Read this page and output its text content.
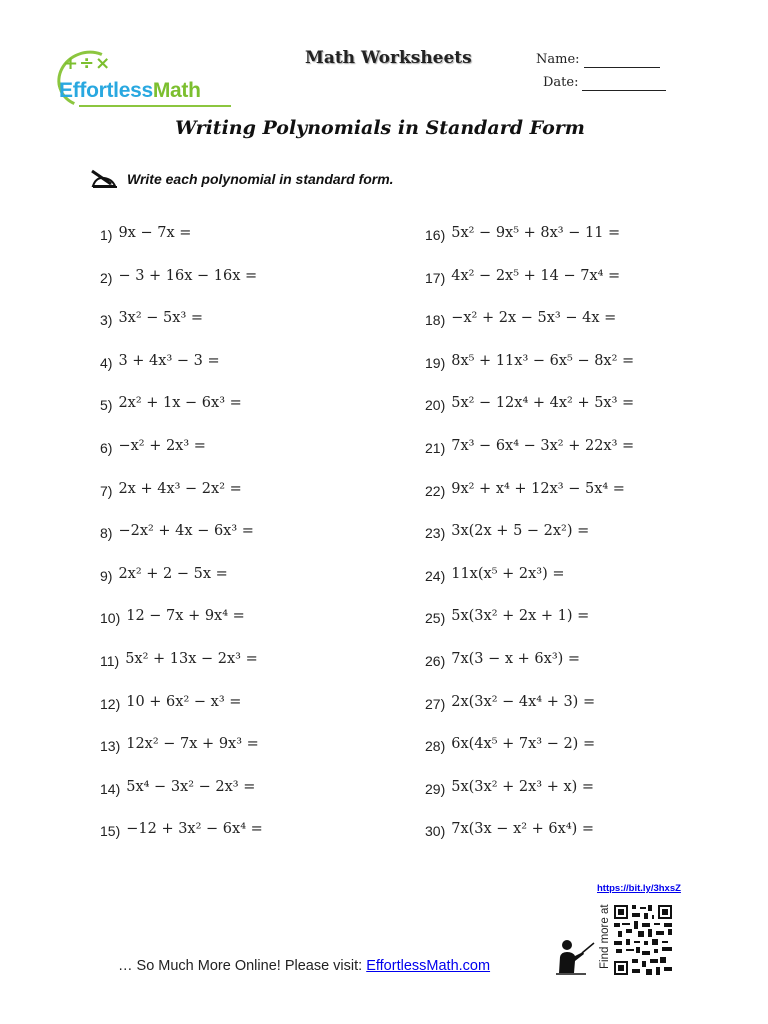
+÷×
EffortlessMath
Math Worksheets	Name:
Date:
Writing Polynomials in Standard Form
Write each polynomial in standard form.
1) 9x − 7x =
2) − 3 + 16x − 16x =
3) 3x² − 5x³ =
4) 3 + 4x³ − 3 =
5) 2x² + 1x − 6x³ =
6) −x² + 2x³ =
7) 2x + 4x³ − 2x² =
8) −2x² + 4x − 6x³ =
9) 2x² + 2 − 5x =
10) 12 − 7x + 9x⁴ =
11) 5x² + 13x − 2x³ =
12) 10 + 6x² − x³ =
13) 12x² − 7x + 9x³ =
14) 5x⁴ − 3x² − 2x³ =
15) −12 + 3x² − 6x⁴ =
16) 5x² − 9x⁵ + 8x³ − 11 =
17) 4x² − 2x⁵ + 14 − 7x⁴ =
18) −x² + 2x − 5x³ − 4x =
19) 8x⁵ + 11x³ − 6x⁵ − 8x² =
20) 5x² − 12x⁴ + 4x² + 5x³ =
21) 7x³ − 6x⁴ − 3x² + 22x³ =
22) 9x² + x⁴ + 12x³ − 5x⁴ =
23) 3x(2x + 5 − 2x²) =
24) 11x(x⁵ + 2x³) =
25) 5x(3x² + 2x + 1) =
26) 7x(3 − x + 6x³) =
27) 2x(3x² − 4x⁴ + 3) =
28) 6x(4x⁵ + 7x³ − 2) =
29) 5x(3x² + 2x³ + x) =
30) 7x(3x − x² + 6x⁴) =
… So Much More Online! Please visit: EffortlessMath.com	Find more at
https://bit.ly/3hxsZ
